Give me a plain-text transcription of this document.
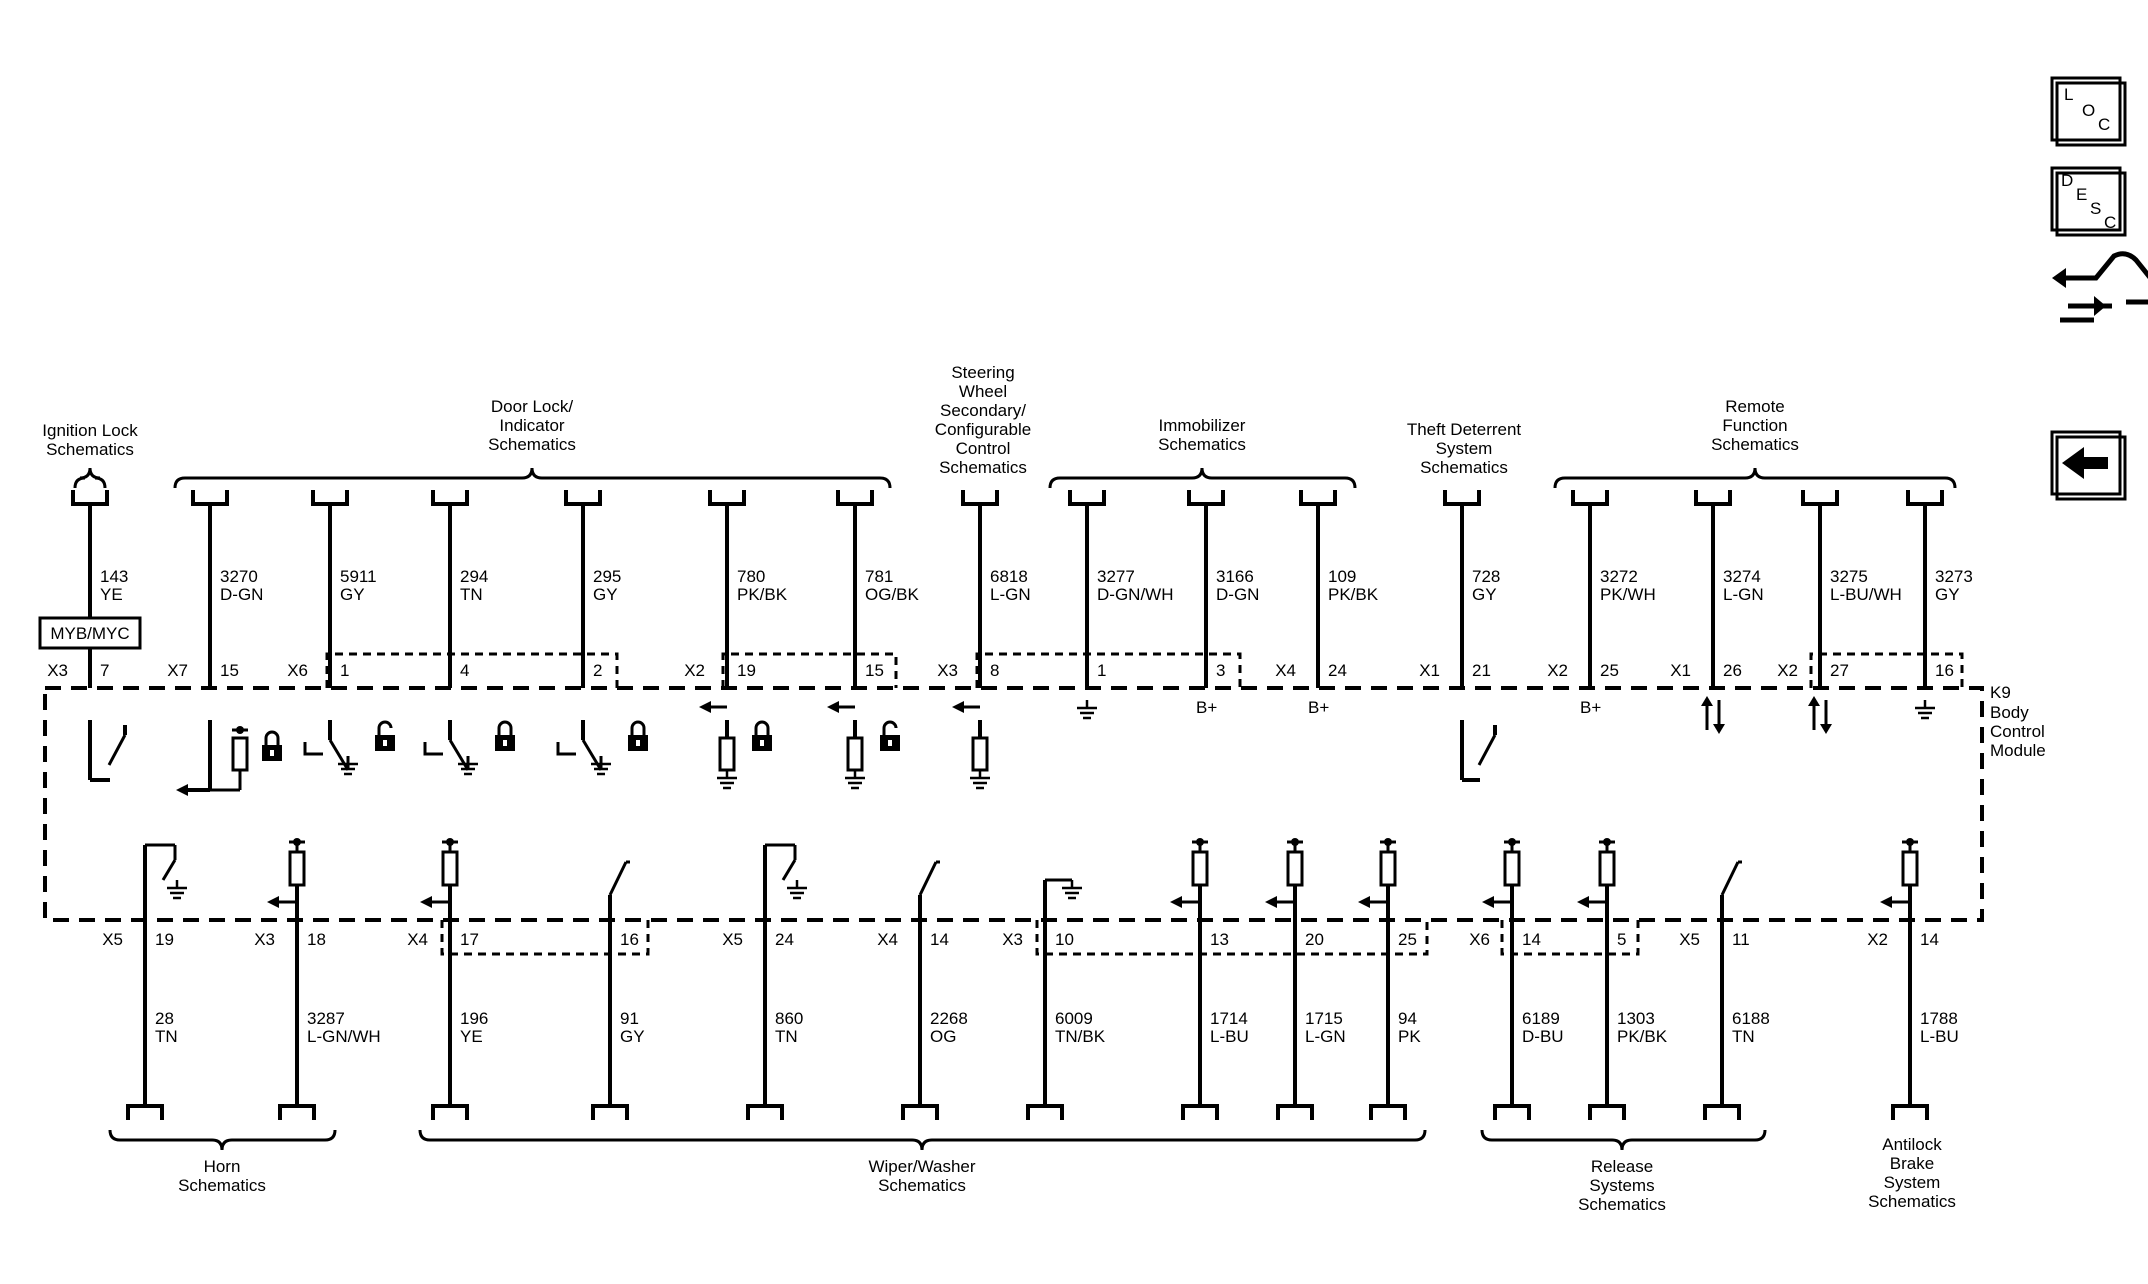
K9
Body
Control
Module
Ignition Lock
Schematics
Door Lock/
Indicator
Schematics
Steering
Wheel
Secondary/
Configurable
Control
Schematics
Immobilizer
Schematics
Theft Deterrent
System
Schematics
Remote
Function
Schematics
143
YE
X3 7
3270
D-GN
X7 15
5911
GY
X6 1
294
TN
4
295
GY
2
780
PK/BK
X2 19
781
OG/BK
15
6818
L-GN
X3 8
3277
D-GN/WH
1
3166
D-GN
3
109
PK/BK
X4 24
728
GY
X1 21
3272
PK/WH
X2 25
3274
L-GN
X1 26
3275
L-BU/WH
X2 27
3273
GY
16
MYB/MYC
B+	B+	B+
28
TN
X5 19
3287
L-GN/WH
X3 18
196
YE
X4 17
91
GY
16
860
TN
X5 24
2268
OG
X4 14
6009
TN/BK
X3 10
1714
L-BU
13
1715
L-GN
20
94
PK
25
6189
D-BU
X6 14
1303
PK/BK
5
6188
TN
X5 11
1788
L-BU
X2 14
Horn
Schematics
Wiper/Washer
Schematics
Release
Systems
Schematics
Antilock
Brake
System
Schematics
L
O
C
D
E
S
C
